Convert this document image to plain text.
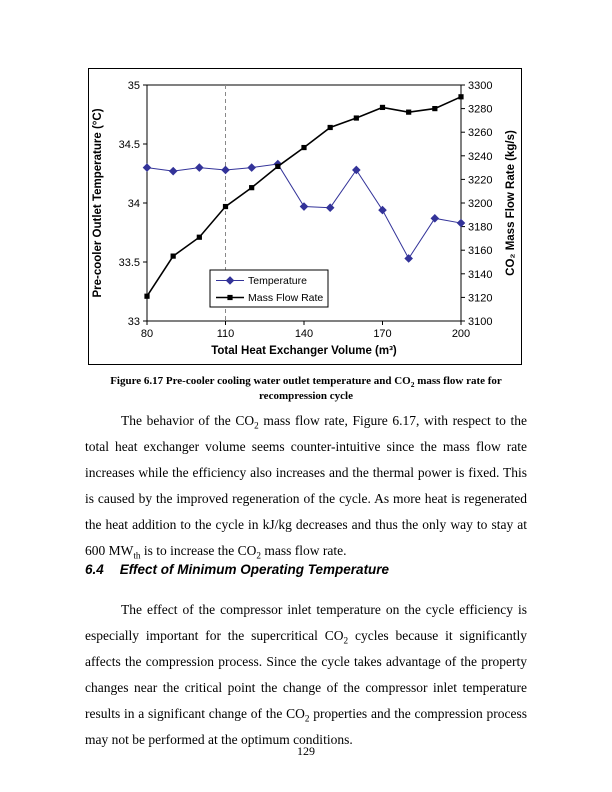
33
33.5
34
34.5
35
3100
3120
3140
3160
3180
3200
3220
3240
3260
3280
3300
80	110	140	170	200
Temperature
Mass Flow Rate
Total Heat Exchanger Volume (m³)
Pre-cooler Outlet Temperature (°C)	CO₂ Mass Flow Rate (kg/s)
Figure 6.17 Pre-cooler cooling water outlet temperature and $CO_2$ mass flow rate for recompression cycle

The behavior of the $CO_2$ mass flow rate, Figure 6.17, with respect to the total heat exchanger volume seems counter-intuitive since the mass flow rate increases while the efficiency also increases and the thermal power is fixed. This is caused by the improved regeneration of the cycle. As more heat is regenerated the heat addition to the cycle in kJ/kg decreases and thus the only way to stay at 600 $MW_{th}$ is to increase the $CO_2$ mass flow rate.

6.4 Effect of Minimum Operating Temperature

The effect of the compressor inlet temperature on the cycle efficiency is especially important for the supercritical $CO_2$ cycles because it significantly affects the compression process. Since the cycle takes advantage of the property changes near the critical point the change of the compressor inlet temperature results in a significant change of the $CO_2$ properties and the compression process may not be performed at the optimum conditions.

129
